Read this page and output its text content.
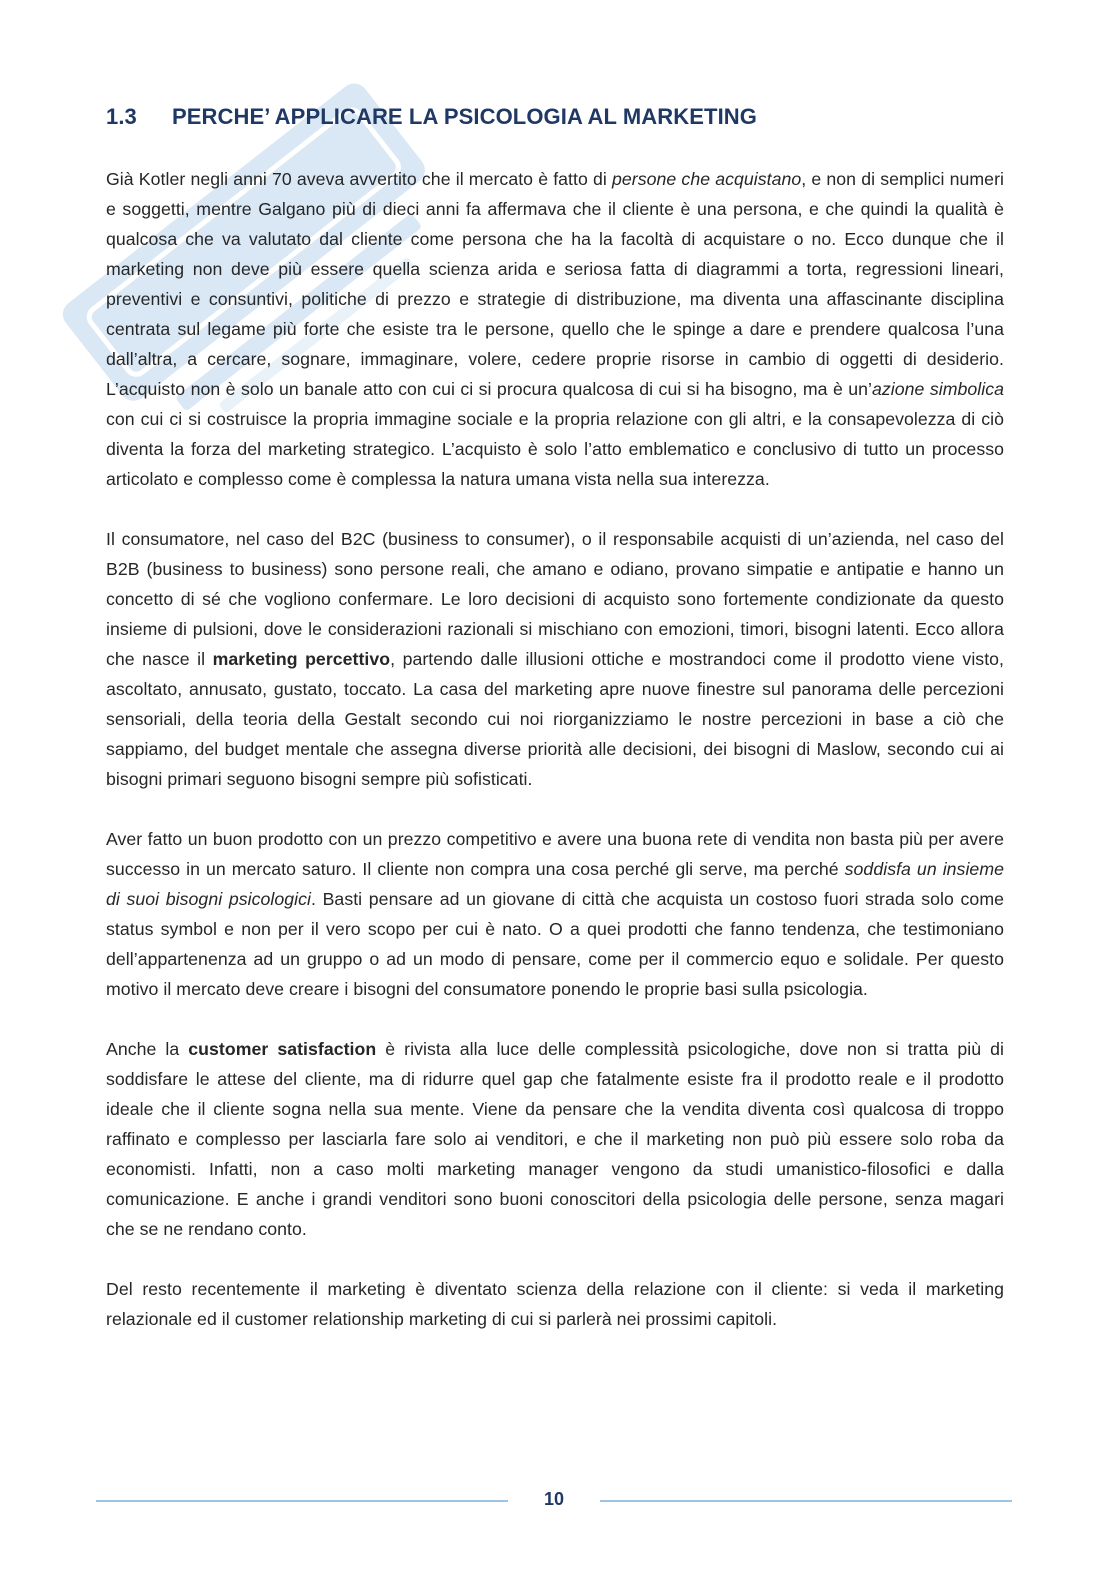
1.3	PERCHE’ APPLICARE LA PSICOLOGIA AL MARKETING

Già Kotler negli anni 70 aveva avvertito che il mercato è fatto di persone che acquistano, e non di semplici numeri e soggetti, mentre Galgano più di dieci anni fa affermava che il cliente è una persona, e che quindi la qualità è qualcosa che va valutato dal cliente come persona che ha la facoltà di acquistare o no. Ecco dunque che il marketing non deve più essere quella scienza arida e seriosa fatta di diagrammi a torta, regressioni lineari, preventivi e consuntivi, politiche di prezzo e strategie di distribuzione, ma diventa una affascinante disciplina centrata sul legame più forte che esiste tra le persone, quello che le spinge a dare e prendere qualcosa l’una dall’altra, a cercare, sognare, immaginare, volere, cedere proprie risorse in cambio di oggetti di desiderio. L’acquisto non è solo un banale atto con cui ci si procura qualcosa di cui si ha bisogno, ma è un’azione simbolica con cui ci si costruisce la propria immagine sociale e la propria relazione con gli altri, e la consapevolezza di ciò diventa la forza del marketing strategico. L’acquisto è solo l’atto emblematico e conclusivo di tutto un processo articolato e complesso come è complessa la natura umana vista nella sua interezza.

Il consumatore, nel caso del B2C (business to consumer), o il responsabile acquisti di un’azienda, nel caso del B2B (business to business) sono persone reali, che amano e odiano, provano simpatie e antipatie e hanno un concetto di sé che vogliono confermare. Le loro decisioni di acquisto sono fortemente condizionate da questo insieme di pulsioni, dove le considerazioni razionali si mischiano con emozioni, timori, bisogni latenti. Ecco allora che nasce il marketing percettivo, partendo dalle illusioni ottiche e mostrandoci come il prodotto viene visto, ascoltato, annusato, gustato, toccato. La casa del marketing apre nuove finestre sul panorama delle percezioni sensoriali, della teoria della Gestalt secondo cui noi riorganizziamo le nostre percezioni in base a ciò che sappiamo, del budget mentale che assegna diverse priorità alle decisioni, dei bisogni di Maslow, secondo cui ai bisogni primari seguono bisogni sempre più sofisticati.

Aver fatto un buon prodotto con un prezzo competitivo e avere una buona rete di vendita non basta più per avere successo in un mercato saturo. Il cliente non compra una cosa perché gli serve, ma perché soddisfa un insieme di suoi bisogni psicologici. Basti pensare ad un giovane di città che acquista un costoso fuori strada solo come status symbol e non per il vero scopo per cui è nato. O a quei prodotti che fanno tendenza, che testimoniano dell’appartenenza ad un gruppo o ad un modo di pensare, come per il commercio equo e solidale. Per questo motivo il mercato deve creare i bisogni del consumatore ponendo le proprie basi sulla psicologia.

Anche la customer satisfaction è rivista alla luce delle complessità psicologiche, dove non si tratta più di soddisfare le attese del cliente, ma di ridurre quel gap che fatalmente esiste fra il prodotto reale e il prodotto ideale che il cliente sogna nella sua mente. Viene da pensare che la vendita diventa così qualcosa di troppo raffinato e complesso per lasciarla fare solo ai venditori, e che il marketing non può più essere solo roba da economisti. Infatti, non a caso molti marketing manager vengono da studi umanistico-filosofici e dalla comunicazione. E anche i grandi venditori sono buoni conoscitori della psicologia delle persone, senza magari che se ne rendano conto.

Del resto recentemente il marketing è diventato scienza della relazione con il cliente: si veda il marketing relazionale ed il customer relationship marketing di cui si parlerà nei prossimi capitoli.

10
